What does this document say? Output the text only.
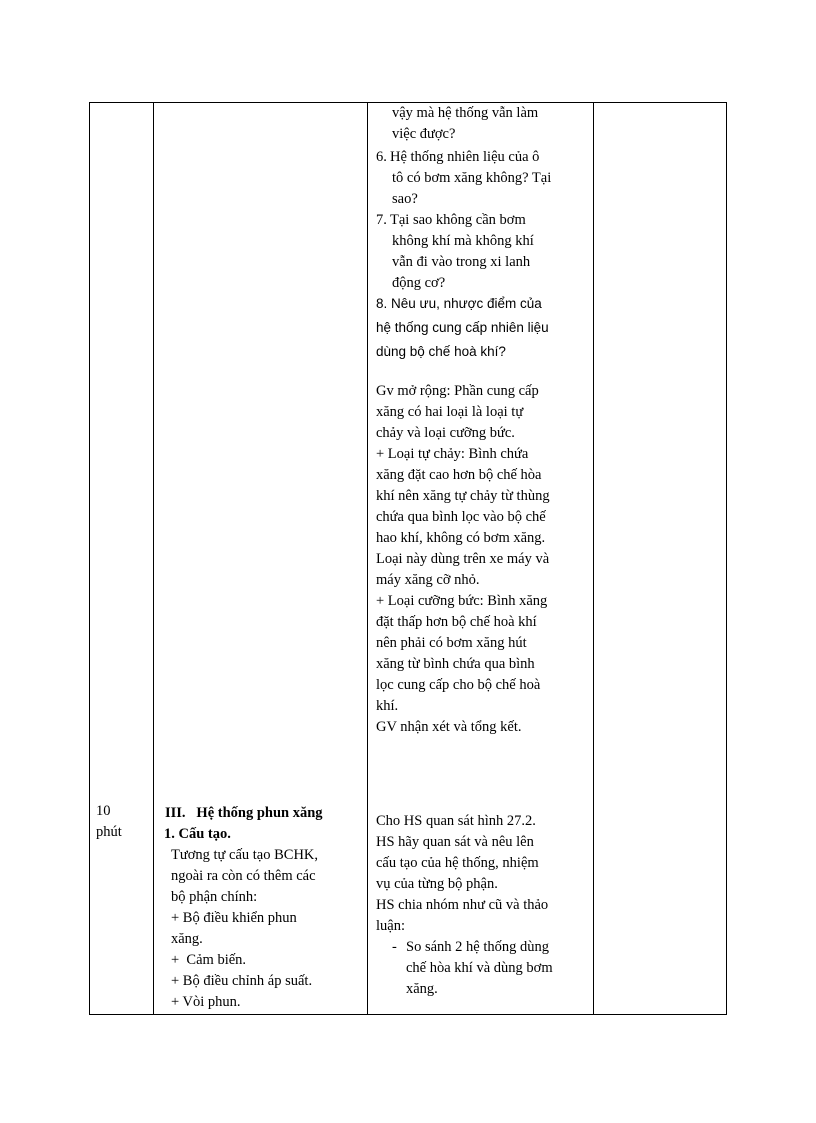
vậy mà hệ thống vẫn làm

việc được?

6. Hệ thống nhiên liệu của ô

tô có bơm xăng không? Tại

sao?

7. Tại sao không cần bơm

không khí mà không khí

vẫn đi vào trong xi lanh

động cơ?

8. Nêu ưu, nhược điểm của

hệ thống cung cấp nhiên liệu

dùng bộ chế hoà khí?

Gv mở rộng: Phần cung cấp

xăng có hai loại là loại tự

chảy và loại cưỡng bức.

+ Loại tự chảy: Bình chứa

xăng đặt cao hơn bộ chế hòa

khí nên xăng tự chảy từ thùng

chứa qua bình lọc vào bộ chế

hao khí, không có bơm xăng.

Loại này dùng trên xe máy và

máy xăng cỡ nhỏ.

+ Loại cưỡng bức: Bình xăng

đặt thấp hơn bộ chế hoà khí

nên phải có bơm xăng hút

xăng từ bình chứa qua bình

lọc cung cấp cho bộ chế hoà

khí.

GV nhận xét và tổng kết.

10

phút

III.   Hệ thống phun xăng

1. Cấu tạo.

Tương tự cấu tạo BCHK,

ngoài ra còn có thêm các

bộ phận chính:

+ Bộ điều khiển phun

xăng.

+  Cảm biến.

+ Bộ điều chỉnh áp suất.

+ Vòi phun.

Cho HS quan sát hình 27.2.

HS hãy quan sát và nêu lên

cấu tạo của hệ thống, nhiệm

vụ của từng bộ phận.

HS chia nhóm như cũ và thảo

luận:

- So sánh 2 hệ thống dùng

chế hòa khí và dùng bơm

xăng.
